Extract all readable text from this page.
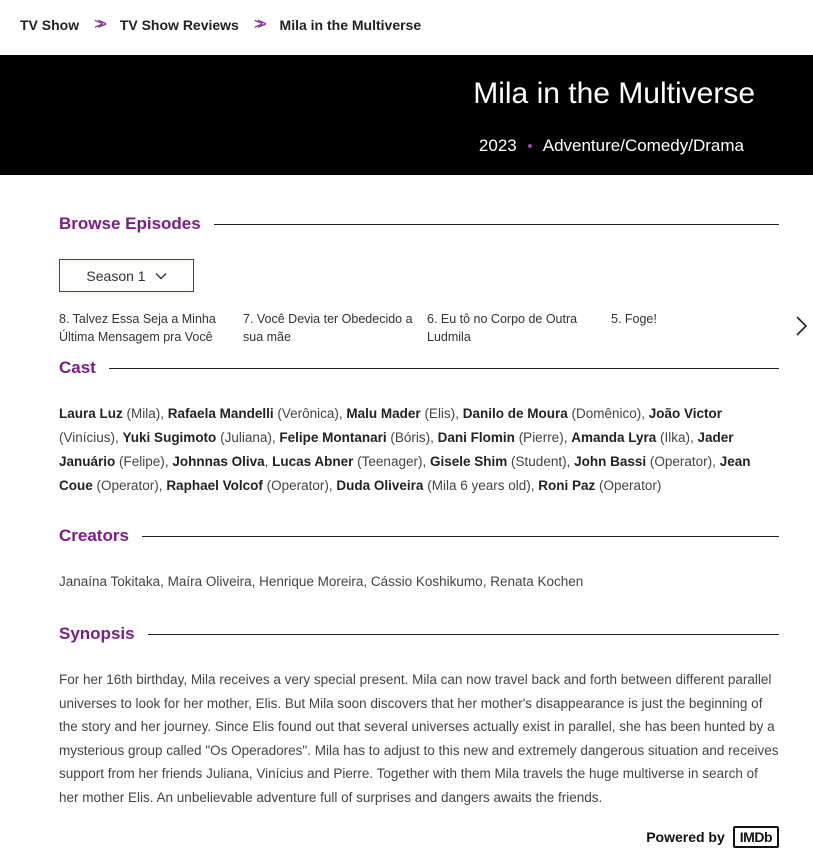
TV Show >>	TV Show Reviews >>	Mila in the Multiverse
Mila in the Multiverse
2023 Adventure/Comedy/Drama
Browse Episodes
Season 1
8. Talvez Essa Seja a Minha Última Mensagem pra Você
7. Você Devia ter Obedecido a sua mãe
6. Eu tô no Corpo de Outra Ludmila
5. Foge!
Cast

Laura Luz (Mila), Rafaela Mandelli (Verônica), Malu Mader (Elis), Danilo de Moura (Domênico), João Victor (Vinícius), Yuki Sugimoto (Juliana), Felipe Montanari (Bóris), Dani Flomin (Pierre), Amanda Lyra (Ilka), Jader Januário (Felipe), Johnnas Oliva, Lucas Abner (Teenager), Gisele Shim (Student), John Bassi (Operator), Jean Coue (Operator), Raphael Volcof (Operator), Duda Oliveira (Mila 6 years old), Roni Paz (Operator)

Creators

Janaína Tokitaka, Maíra Oliveira, Henrique Moreira, Cássio Koshikumo, Renata Kochen

Synopsis

For her 16th birthday, Mila receives a very special present. Mila can now travel back and forth between different parallel universes to look for her mother, Elis. But Mila soon discovers that her mother's disappearance is just the beginning of the story and her journey. Since Elis found out that several universes actually exist in parallel, she has been hunted by a mysterious group called "Os Operadores". Mila has to adjust to this new and extremely dangerous situation and receives support from her friends Juliana, Vinícius and Pierre. Together with them Mila travels the huge multiverse in search of her mother Elis. An unbelievable adventure full of surprises and dangers awaits the friends.

Powered by	IMDb
